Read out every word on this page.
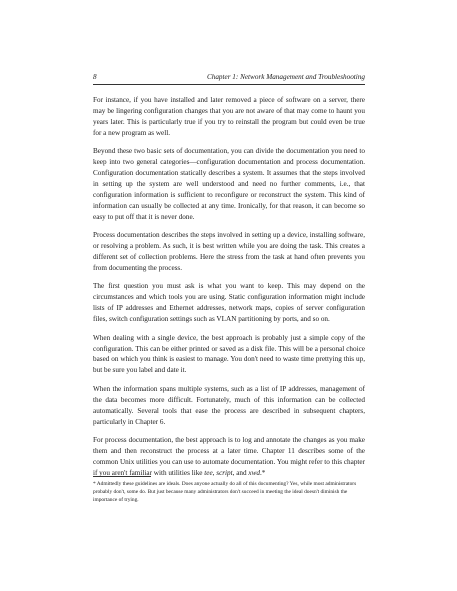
8	Chapter 1: Network Management and Troubleshooting

For instance, if you have installed and later removed a piece of software on a server, there may be lingering configuration changes that you are not aware of that may come to haunt you years later. This is particularly true if you try to reinstall the program but could even be true for a new program as well.

Beyond these two basic sets of documentation, you can divide the documentation you need to keep into two general categories—configuration documentation and process documentation. Configuration documentation statically describes a system. It assumes that the steps involved in setting up the system are well understood and need no further comments, i.e., that configuration information is sufficient to reconfigure or reconstruct the system. This kind of information can usually be collected at any time. Ironically, for that reason, it can become so easy to put off that it is never done.

Process documentation describes the steps involved in setting up a device, installing software, or resolving a problem. As such, it is best written while you are doing the task. This creates a different set of collection problems. Here the stress from the task at hand often prevents you from documenting the process.

The first question you must ask is what you want to keep. This may depend on the circumstances and which tools you are using. Static configuration information might include lists of IP addresses and Ethernet addresses, network maps, copies of server configuration files, switch configuration settings such as VLAN partitioning by ports, and so on.

When dealing with a single device, the best approach is probably just a simple copy of the configuration. This can be either printed or saved as a disk file. This will be a personal choice based on which you think is easiest to manage. You don't need to waste time prettying this up, but be sure you label and date it.

When the information spans multiple systems, such as a list of IP addresses, management of the data becomes more difficult. Fortunately, much of this information can be collected automatically. Several tools that ease the process are described in subsequent chapters, particularly in Chapter 6.

For process documentation, the best approach is to log and annotate the changes as you make them and then reconstruct the process at a later time. Chapter 11 describes some of the common Unix utilities you can use to automate documentation. You might refer to this chapter if you aren't familiar with utilities like tee, script, and xwd.*

* Admittedly these guidelines are ideals. Does anyone actually do all of this documenting? Yes, while most administrators probably don't, some do. But just because many administrators don't succeed in meeting the ideal doesn't diminish the importance of trying.
